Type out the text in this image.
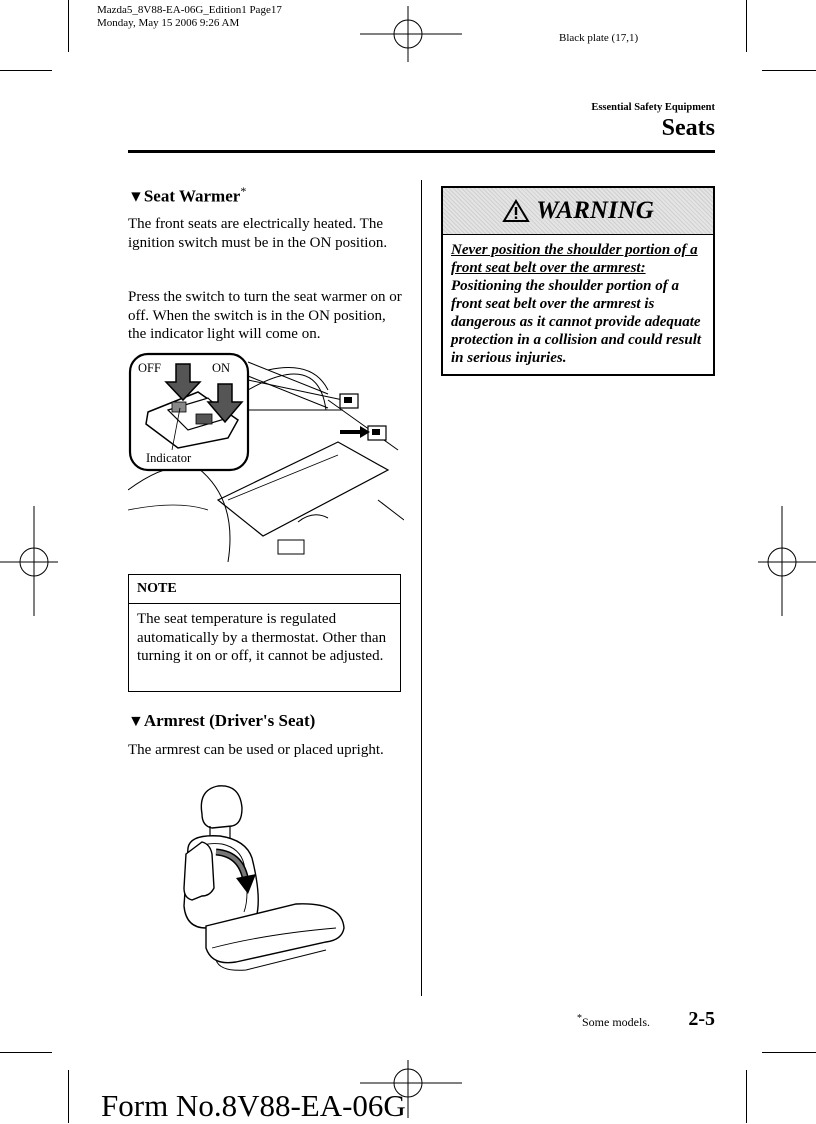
Mazda5_8V88-EA-06G_Edition1 Page17
Monday, May 15 2006 9:26 AM
Black plate (17,1)
Essential Safety Equipment
Seats
▼Seat Warmer*

The front seats are electrically heated. The ignition switch must be in the ON position.

Press the switch to turn the seat warmer on or off. When the switch is in the ON position, the indicator light will come on.

OFF	ON
Indicator
NOTE
The seat temperature is regulated automatically by a thermostat. Other than turning it on or off, it cannot be adjusted.
▼Armrest (Driver's Seat)

The armrest can be used or placed upright.

WARNING
Never position the shoulder portion of a front seat belt over the armrest:
Positioning the shoulder portion of a front seat belt over the armrest is dangerous as it cannot provide adequate protection in a collision and could result in serious injuries.
*Some models. 2-5
Form No.8V88-EA-06G
